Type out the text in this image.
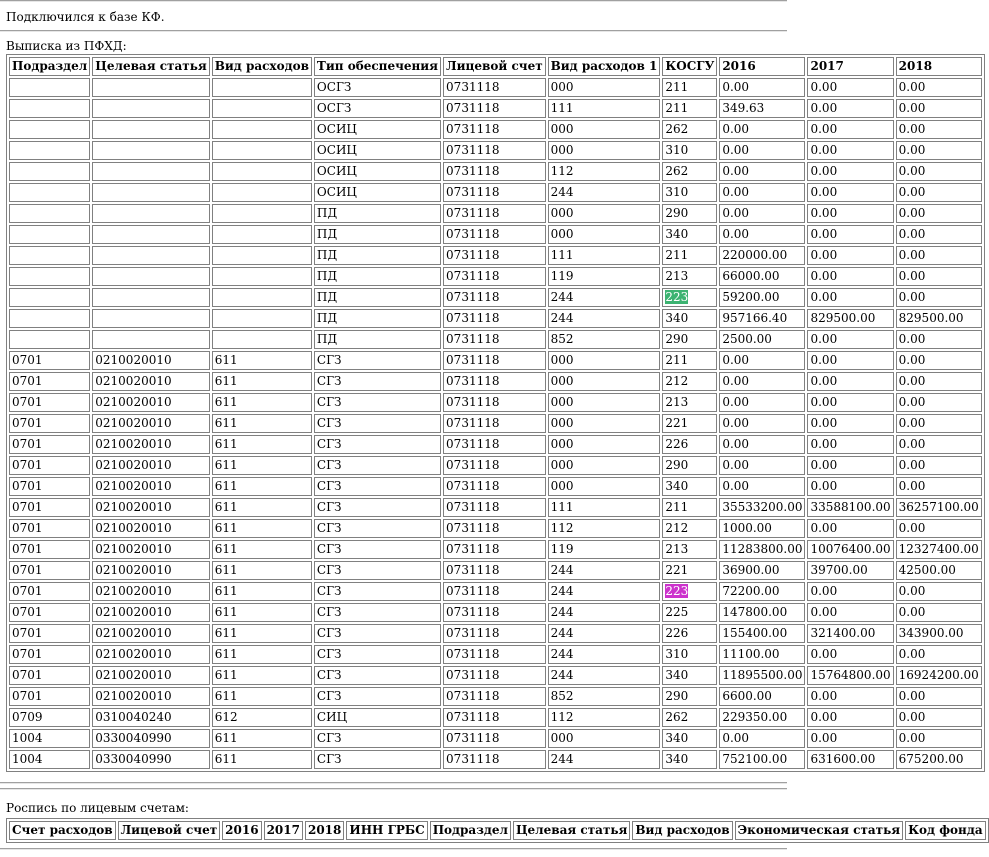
Подключился к базе КФ.
Выписка из ПФХД:
Подраздел	Целевая статья	Вид расходов	Тип обеспечения	Лицевой счет	Вид расходов 1	КОСГУ	2016	2017	2018
			ОСГЗ	0731118	000	211	0.00	0.00	0.00
			ОСГЗ	0731118	111	211	349.63	0.00	0.00
			ОСИЦ	0731118	000	262	0.00	0.00	0.00
			ОСИЦ	0731118	000	310	0.00	0.00	0.00
			ОСИЦ	0731118	112	262	0.00	0.00	0.00
			ОСИЦ	0731118	244	310	0.00	0.00	0.00
			ПД	0731118	000	290	0.00	0.00	0.00
			ПД	0731118	000	340	0.00	0.00	0.00
			ПД	0731118	111	211	220000.00	0.00	0.00
			ПД	0731118	119	213	66000.00	0.00	0.00
			ПД	0731118	244	223	59200.00	0.00	0.00
			ПД	0731118	244	340	957166.40	829500.00	829500.00
			ПД	0731118	852	290	2500.00	0.00	0.00
0701	0210020010	611	СГЗ	0731118	000	211	0.00	0.00	0.00
0701	0210020010	611	СГЗ	0731118	000	212	0.00	0.00	0.00
0701	0210020010	611	СГЗ	0731118	000	213	0.00	0.00	0.00
0701	0210020010	611	СГЗ	0731118	000	221	0.00	0.00	0.00
0701	0210020010	611	СГЗ	0731118	000	226	0.00	0.00	0.00
0701	0210020010	611	СГЗ	0731118	000	290	0.00	0.00	0.00
0701	0210020010	611	СГЗ	0731118	000	340	0.00	0.00	0.00
0701	0210020010	611	СГЗ	0731118	111	211	35533200.00	33588100.00	36257100.00
0701	0210020010	611	СГЗ	0731118	112	212	1000.00	0.00	0.00
0701	0210020010	611	СГЗ	0731118	119	213	11283800.00	10076400.00	12327400.00
0701	0210020010	611	СГЗ	0731118	244	221	36900.00	39700.00	42500.00
0701	0210020010	611	СГЗ	0731118	244	223	72200.00	0.00	0.00
0701	0210020010	611	СГЗ	0731118	244	225	147800.00	0.00	0.00
0701	0210020010	611	СГЗ	0731118	244	226	155400.00	321400.00	343900.00
0701	0210020010	611	СГЗ	0731118	244	310	11100.00	0.00	0.00
0701	0210020010	611	СГЗ	0731118	244	340	11895500.00	15764800.00	16924200.00
0701	0210020010	611	СГЗ	0731118	852	290	6600.00	0.00	0.00
0709	0310040240	612	СИЦ	0731118	112	262	229350.00	0.00	0.00
1004	0330040990	611	СГЗ	0731118	000	340	0.00	0.00	0.00
1004	0330040990	611	СГЗ	0731118	244	340	752100.00	631600.00	675200.00
Роспись по лицевым счетам:
Счет расходов	Лицевой счет	2016	2017	2018	ИНН ГРБС	Подраздел	Целевая статья	Вид расходов	Экономическая статья	Код фонда
